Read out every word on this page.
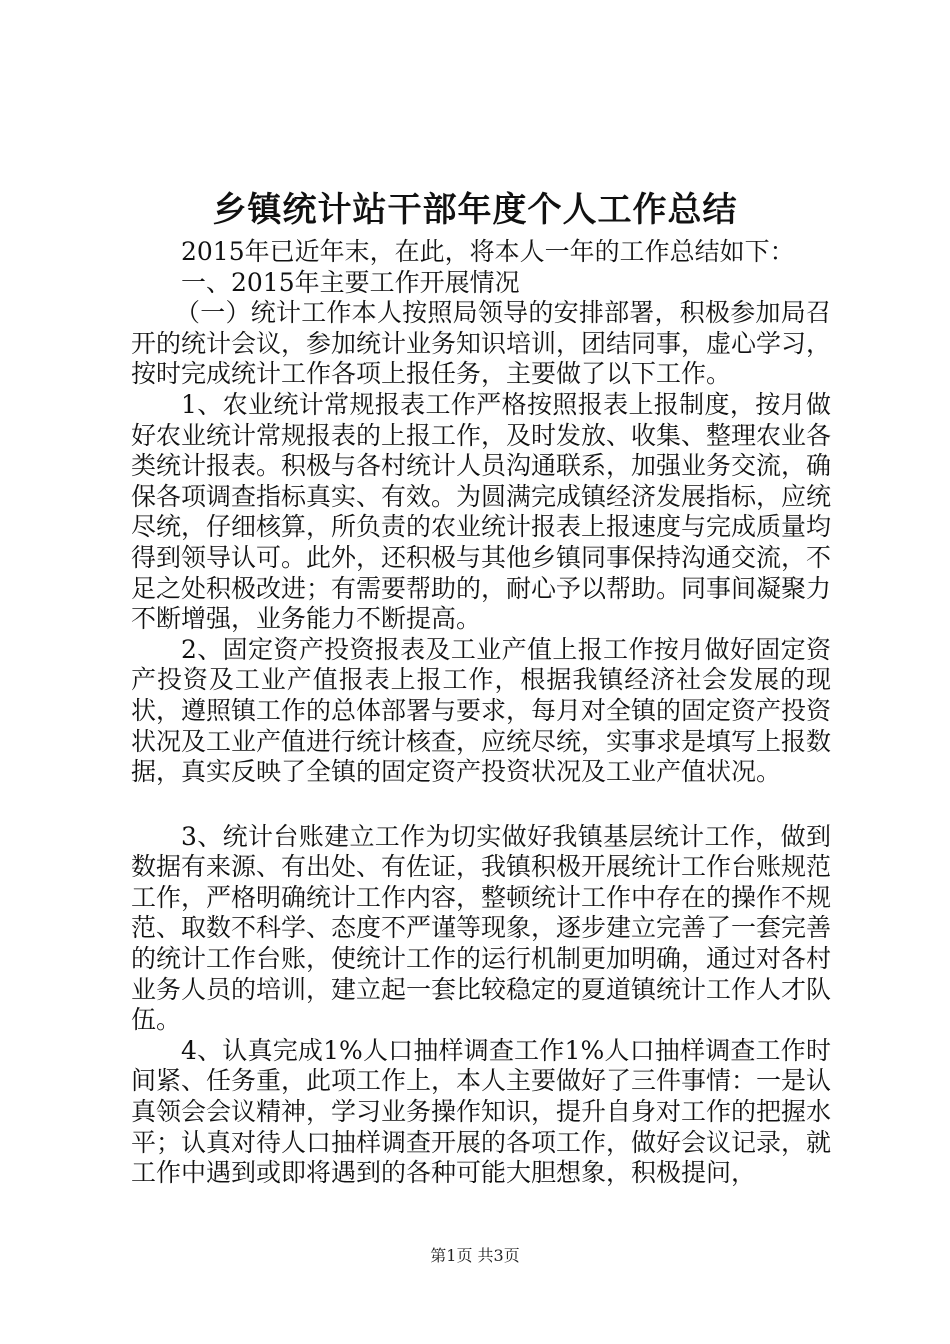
乡镇统计站干部年度个人工作总结

2015年已近年末，在此，将本人一年的工作总结如下：

一、2015年主要工作开展情况

（一）统计工作本人按照局领导的安排部署，积极参加局召开的统计会议，参加统计业务知识培训，团结同事，虚心学习，按时完成统计工作各项上报任务，主要做了以下工作。

1、农业统计常规报表工作严格按照报表上报制度，按月做好农业统计常规报表的上报工作，及时发放、收集、整理农业各类统计报表。积极与各村统计人员沟通联系，加强业务交流，确保各项调查指标真实、有效。为圆满完成镇经济发展指标，应统尽统，仔细核算，所负责的农业统计报表上报速度与完成质量均得到领导认可。此外，还积极与其他乡镇同事保持沟通交流，不足之处积极改进；有需要帮助的，耐心予以帮助。同事间凝聚力不断增强，业务能力不断提高。

2、固定资产投资报表及工业产值上报工作按月做好固定资产投资及工业产值报表上报工作，根据我镇经济社会发展的现状，遵照镇工作的总体部署与要求，每月对全镇的固定资产投资状况及工业产值进行统计核查，应统尽统，实事求是填写上报数据，真实反映了全镇的固定资产投资状况及工业产值状况。

3、统计台账建立工作为切实做好我镇基层统计工作，做到数据有来源、有出处、有佐证，我镇积极开展统计工作台账规范工作，严格明确统计工作内容，整顿统计工作中存在的操作不规范、取数不科学、态度不严谨等现象，逐步建立完善了一套完善的统计工作台账，使统计工作的运行机制更加明确，通过对各村业务人员的培训，建立起一套比较稳定的夏道镇统计工作人才队伍。

4、认真完成1%人口抽样调查工作1%人口抽样调查工作时间紧、任务重，此项工作上，本人主要做好了三件事情：一是认真领会会议精神，学习业务操作知识，提升自身对工作的把握水平；认真对待人口抽样调查开展的各项工作，做好会议记录，就工作中遇到或即将遇到的各种可能大胆想象，积极提问，

第1页 共3页
